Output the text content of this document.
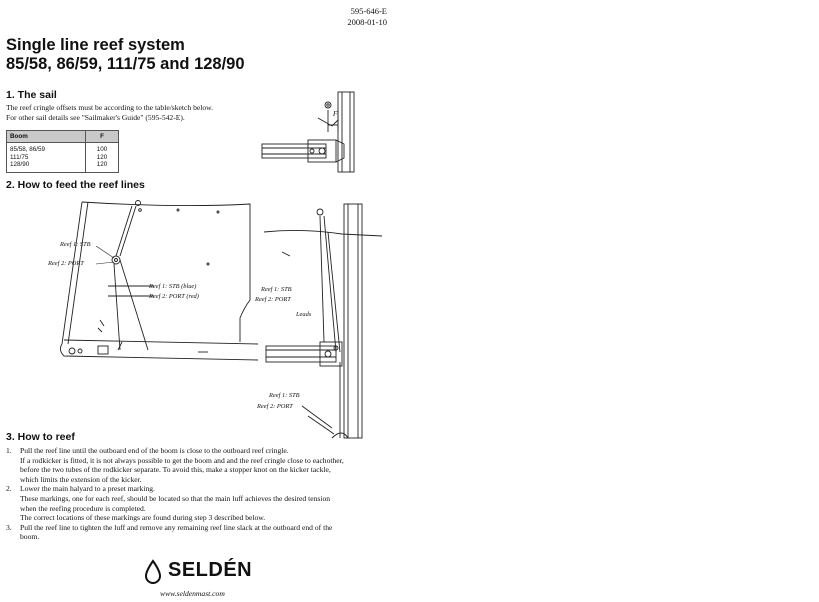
595-646-E
2008-01-10
Single line reef system
85/58, 86/59, 111/75 and 128/90
1. The sail
The reef cringle offsets must be according to the table/sketch below.
For other sail details see "Sailmaker's Guide" (595-542-E).
Boom	F
85/58, 86/59	100
111/75	120
128/90	120
F
2. How to feed the reef lines
Reef 1: STB
Reef 2: PORT
Reef 1: STB (blue)
Reef 2: PORT (red)
Reef 1: STB
Reef 2: PORT
Leads
Reef 1: STB
Reef 2: PORT
3. How to reef
1. Pull the reef line until the outboard end of the boom is close to the outboard reef cringle.
If a rodkicker is fitted, it is not always possible to get the boom and and the reef cringle close to eachother,
before the two tubes of the rodkicker separate. To avoid this, make a stopper knot on the kicker tackle,
which limits the extension of the kicker.
2. Lower the main halyard to a preset marking.
These markings, one for each reef, should be located so that the main luff achieves the desired tension
when the reefing procedure is completed.
The correct locations of these markings are found during step 3 described below.
3. Pull the reef line to tighten the luff and remove any remaining reef line slack at the outboard end of the
boom.
SELDÉN
www.seldenmast.com
